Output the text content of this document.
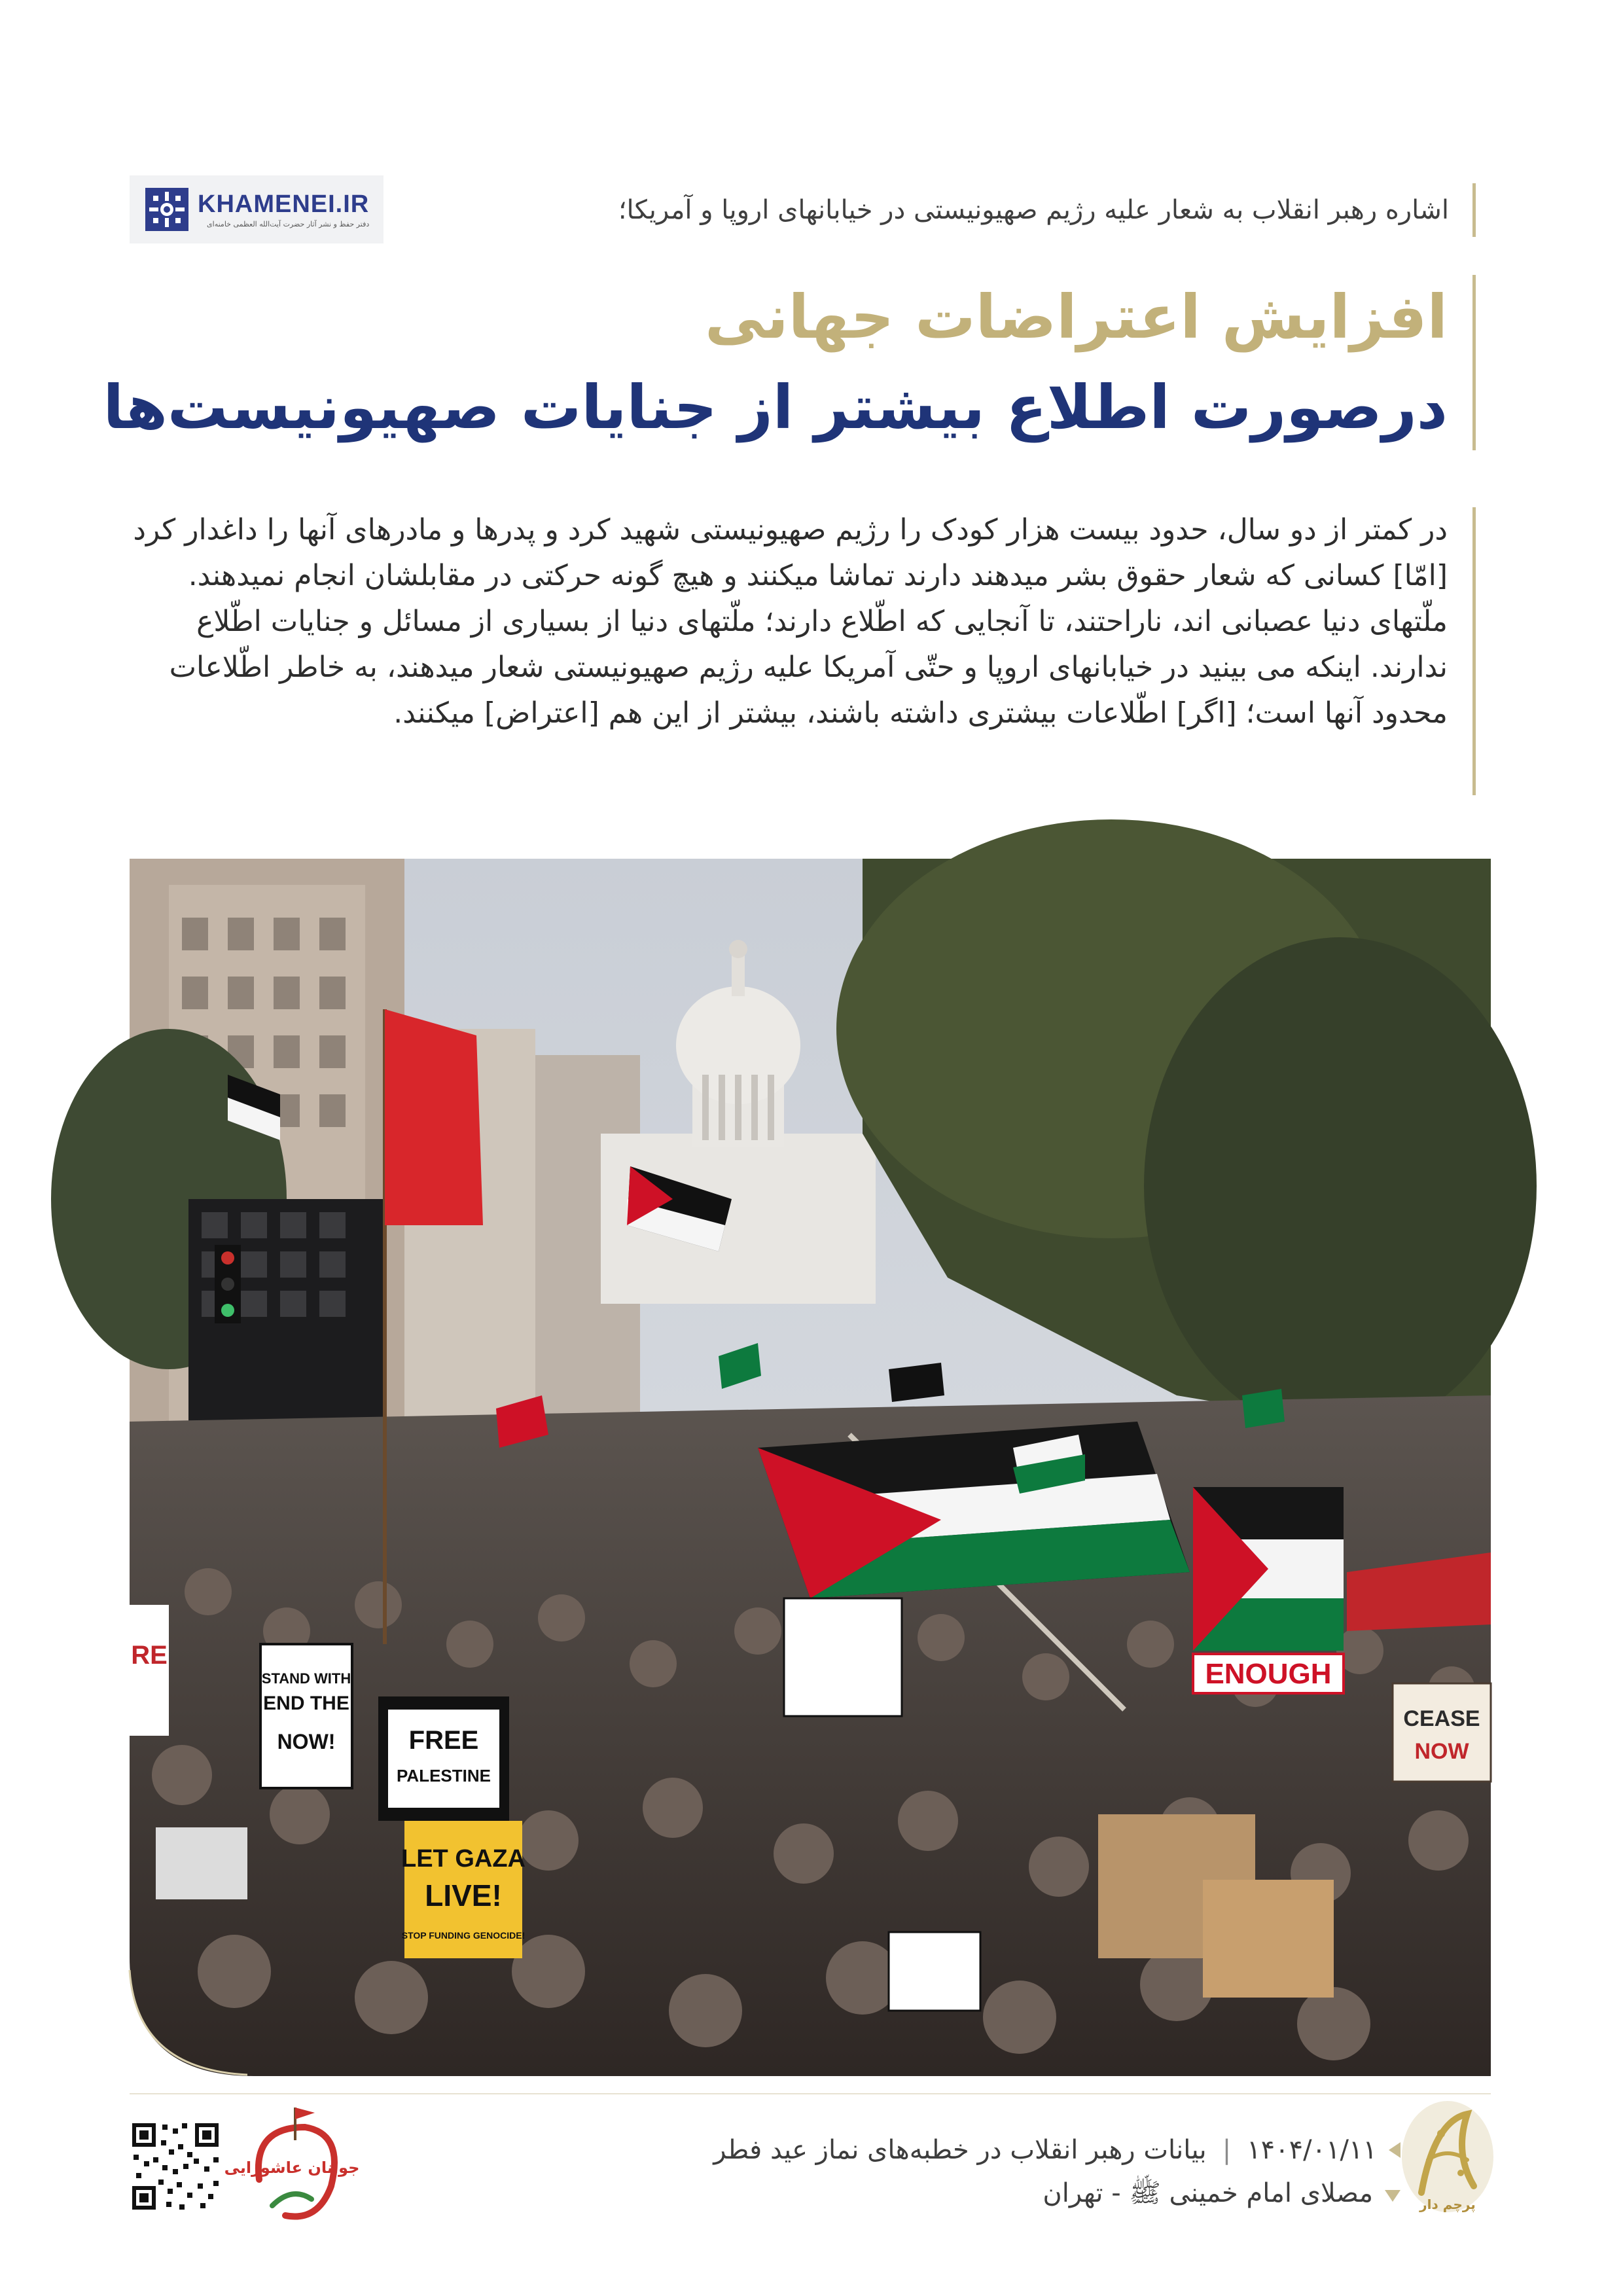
KHAMENEI.IR
دفتر حفظ و نشر آثار حضرت آیت‌الله العظمی خامنه‌ای	اشاره رهبر انقلاب به شعار علیه رژیم صهیونیستی در خیابانهای اروپا و آمریکا؛
افزایش اعتراضات جهانی
درصورت اطلاع بیشتر از جنایات صهیونیست‌ها
در کمتر از دو سال، حدود بیست هزار کودک را رژیم صهیونیستی شهید کرد و پدرها و مادرهای آنها را داغدار کرد
[امّا] کسانی که شعار حقوق بشر میدهند دارند تماشا میکنند و هیچ گونه حرکتی در مقابلشان انجام نمیدهند.
ملّتهای دنیا عصبانی اند، ناراحتند، تا آنجایی که اطّلاع دارند؛ ملّتهای دنیا از بسیاری از مسائل و جنایات اطّلاع
ندارند. اینکه می بینید در خیابانهای اروپا و حتّی آمریکا علیه رژیم صهیونیستی شعار میدهند، به خاطر اطّلاعات
محدود آنها است؛ [اگر] اطّلاعات بیشتری داشته باشند، بیشتر از این هم [اعتراض] میکنند.
ENOUGH
STAND WITH
END THE
NOW!	FREE
PALESTINE
LET GAZA
LIVE!
STOP FUNDING GENOCIDE!
CEASE
NOW
RE
جوانان عاشورایی
۱۴۰۴/۰۱/۱۱
|
بیانات رهبر انقلاب در خطبه‌های نماز عید فطر
مصلای امام خمینی ﷺ - تهران	پرچم دار
